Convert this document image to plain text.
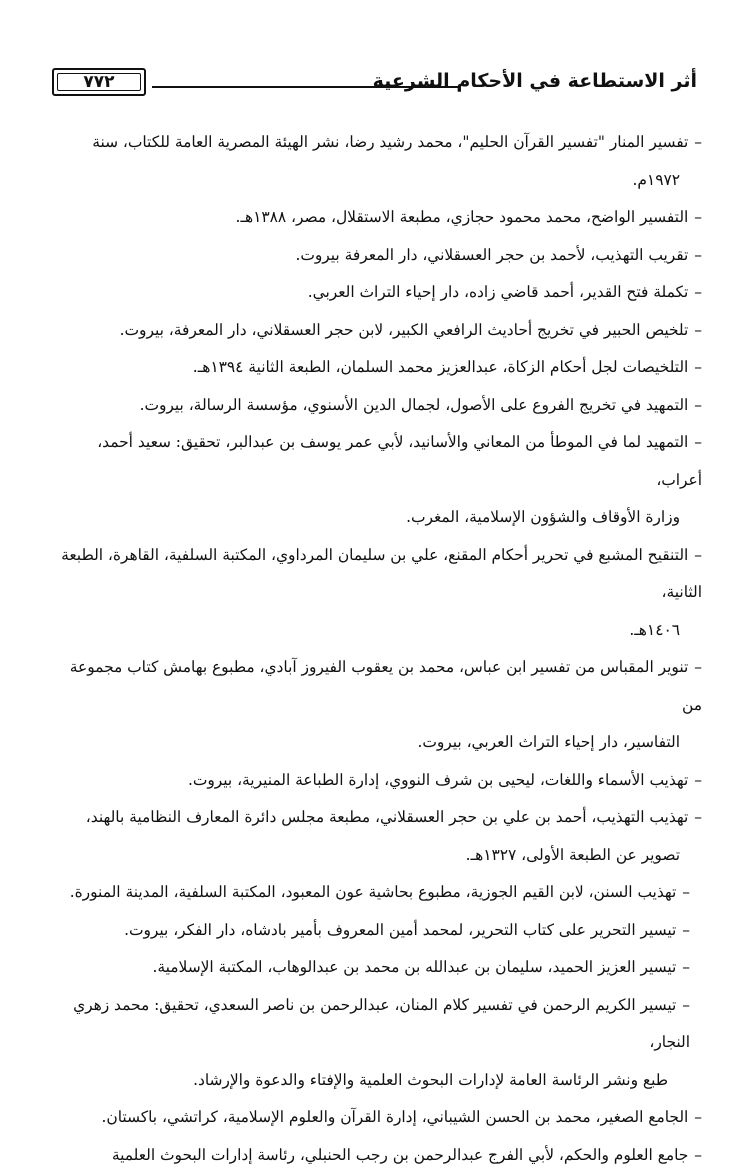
٧٧٢	أثر الاستطاعة في الأحكام الشرعية

–تفسير المنار "تفسير القرآن الحليم"، محمد رشيد رضا، نشر الهيئة المصرية العامة للكتاب، سنة
١٩٧٢م.

–التفسير الواضح، محمد محمود حجازي، مطبعة الاستقلال، مصر، ١٣٨٨هـ.

–تقريب التهذيب، لأحمد بن حجر العسقلاني، دار المعرفة بيروت.

–تكملة فتح القدير، أحمد قاضي زاده، دار إحياء التراث العربي.

–تلخيص الحبير في تخريج أحاديث الرافعي الكبير، لابن حجر العسقلاني، دار المعرفة، بيروت.

–التلخيصات لجل أحكام الزكاة، عبدالعزيز محمد السلمان، الطبعة الثانية ١٣٩٤هـ.

–التمهيد في تخريج الفروع على الأصول، لجمال الدين الأسنوي، مؤسسة الرسالة، بيروت.

–التمهيد لما في الموطأ من المعاني والأسانيد، لأبي عمر يوسف بن عبدالبر، تحقيق: سعيد أحمد، أعراب،
وزارة الأوقاف والشؤون الإسلامية، المغرب.

–التنقيح المشبع في تحرير أحكام المقنع، علي بن سليمان المرداوي، المكتبة السلفية، القاهرة، الطبعة الثانية،
١٤٠٦هـ.

–تنوير المقباس من تفسير ابن عباس، محمد بن يعقوب الفيروز آبادي، مطبوع بهامش كتاب مجموعة من
التفاسير، دار إحياء التراث العربي، بيروت.

–تهذيب الأسماء واللغات، ليحيى بن شرف النووي، إدارة الطباعة المنيرية، بيروت.

–تهذيب التهذيب، أحمد بن علي بن حجر العسقلاني، مطبعة مجلس دائرة المعارف النظامية بالهند،
تصوير عن الطبعة الأولى، ١٣٢٧هـ.

–تهذيب السنن، لابن القيم الجوزية، مطبوع بحاشية عون المعبود، المكتبة السلفية، المدينة المنورة.

–تيسير التحرير على كتاب التحرير، لمحمد أمين المعروف بأمير بادشاه، دار الفكر، بيروت.

–تيسير العزيز الحميد، سليمان بن عبدالله بن محمد بن عبدالوهاب، المكتبة الإسلامية.

–تيسير الكريم الرحمن في تفسير كلام المنان، عبدالرحمن بن ناصر السعدي، تحقيق: محمد زهري النجار،
طبع ونشر الرئاسة العامة لإدارات البحوث العلمية والإفتاء والدعوة والإرشاد.

–الجامع الصغير، محمد بن الحسن الشيباني، إدارة القرآن والعلوم الإسلامية، كراتشي، باكستان.

–جامع العلوم والحكم، لأبي الفرج عبدالرحمن بن رجب الحنبلي، رئاسة إدارات البحوث العلمية
